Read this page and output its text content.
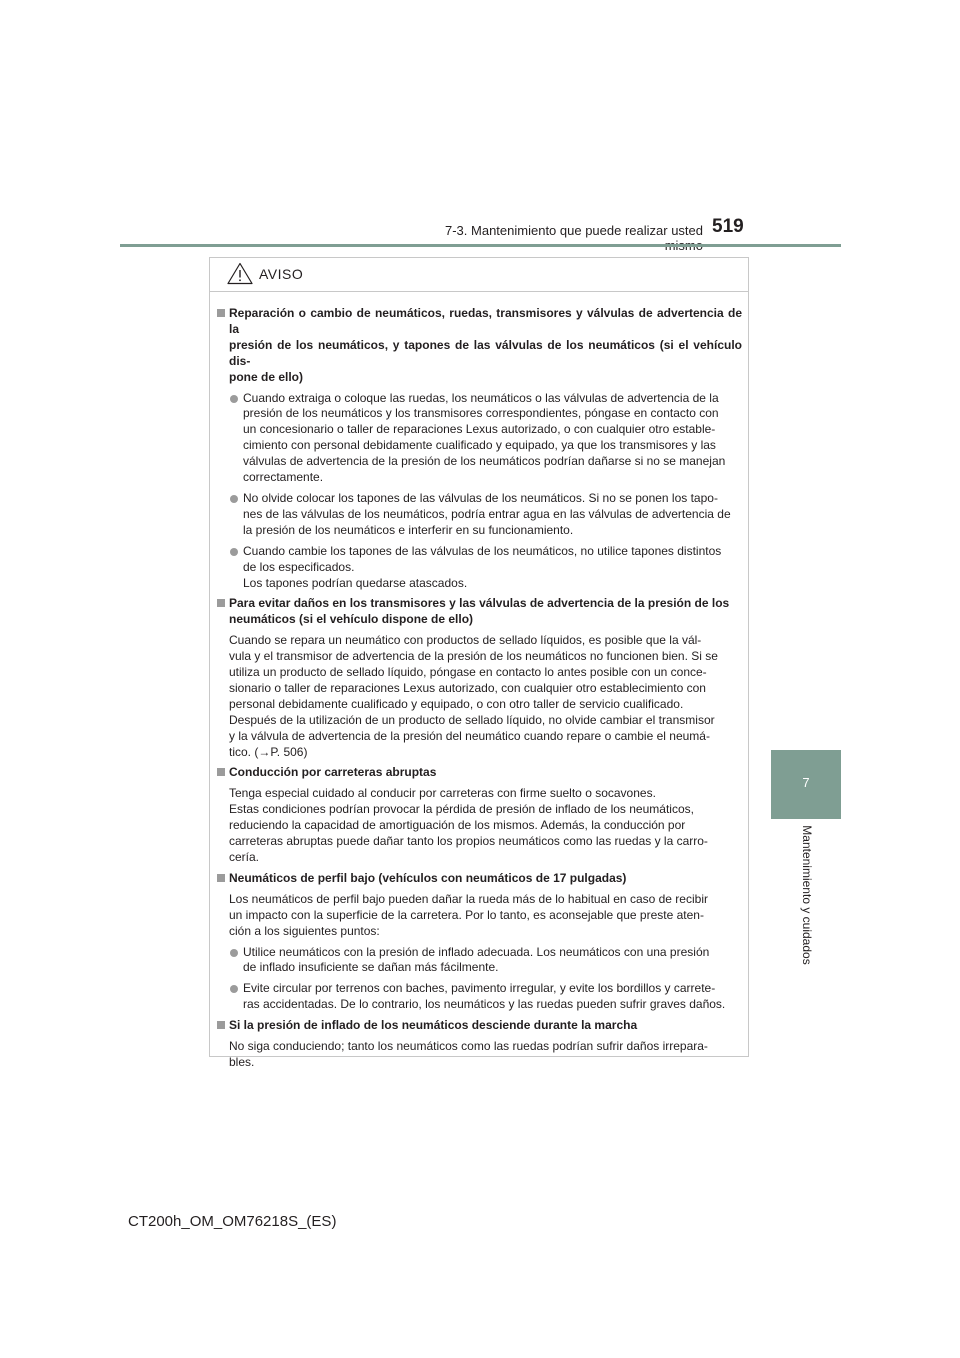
7-3. Mantenimiento que puede realizar usted 519
7
Mantenimiento y cuidados
AVISO
Reparación o cambio de neumáticos, ruedas, transmisores y válvulas de advertencia de la
presión de los neumáticos, y tapones de las válvulas de los neumáticos (si el vehículo dis-
pone de ello)
Cuando extraiga o coloque las ruedas, los neumáticos o las válvulas de advertencia de la
presión de los neumáticos y los transmisores correspondientes, póngase en contacto con
un concesionario o taller de reparaciones Lexus autorizado, o con cualquier otro estable-
cimiento con personal debidamente cualificado y equipado, ya que los transmisores y las
válvulas de advertencia de la presión de los neumáticos podrían dañarse si no se manejan
correctamente.
No olvide colocar los tapones de las válvulas de los neumáticos. Si no se ponen los tapo-
nes de las válvulas de los neumáticos, podría entrar agua en las válvulas de advertencia de
la presión de los neumáticos e interferir en su funcionamiento.
Cuando cambie los tapones de las válvulas de los neumáticos, no utilice tapones distintos
de los especificados.
Los tapones podrían quedarse atascados.
Para evitar daños en los transmisores y las válvulas de advertencia de la presión de los
neumáticos (si el vehículo dispone de ello)
Cuando se repara un neumático con productos de sellado líquidos, es posible que la vál-
vula y el transmisor de advertencia de la presión de los neumáticos no funcionen bien. Si se
utiliza un producto de sellado líquido, póngase en contacto lo antes posible con un conce-
sionario o taller de reparaciones Lexus autorizado, con cualquier otro establecimiento con
personal debidamente cualificado y equipado, o con otro taller de servicio cualificado.
Después de la utilización de un producto de sellado líquido, no olvide cambiar el transmisor
y la válvula de advertencia de la presión del neumático cuando repare o cambie el neumá-
tico. (→P. 506)
Conducción por carreteras abruptas
Tenga especial cuidado al conducir por carreteras con firme suelto o socavones.
Estas condiciones podrían provocar la pérdida de presión de inflado de los neumáticos,
reduciendo la capacidad de amortiguación de los mismos. Además, la conducción por
carreteras abruptas puede dañar tanto los propios neumáticos como las ruedas y la carro-
cería.
Neumáticos de perfil bajo (vehículos con neumáticos de 17 pulgadas)
Los neumáticos de perfil bajo pueden dañar la rueda más de lo habitual en caso de recibir
un impacto con la superficie de la carretera. Por lo tanto, es aconsejable que preste aten-
ción a los siguientes puntos:
Utilice neumáticos con la presión de inflado adecuada. Los neumáticos con una presión
de inflado insuficiente se dañan más fácilmente.
Evite circular por terrenos con baches, pavimento irregular, y evite los bordillos y carrete-
ras accidentadas. De lo contrario, los neumáticos y las ruedas pueden sufrir graves daños.
Si la presión de inflado de los neumáticos desciende durante la marcha
No siga conduciendo; tanto los neumáticos como las ruedas podrían sufrir daños irrepara-
bles.
CT200h_OM_OM76218S_(ES)
